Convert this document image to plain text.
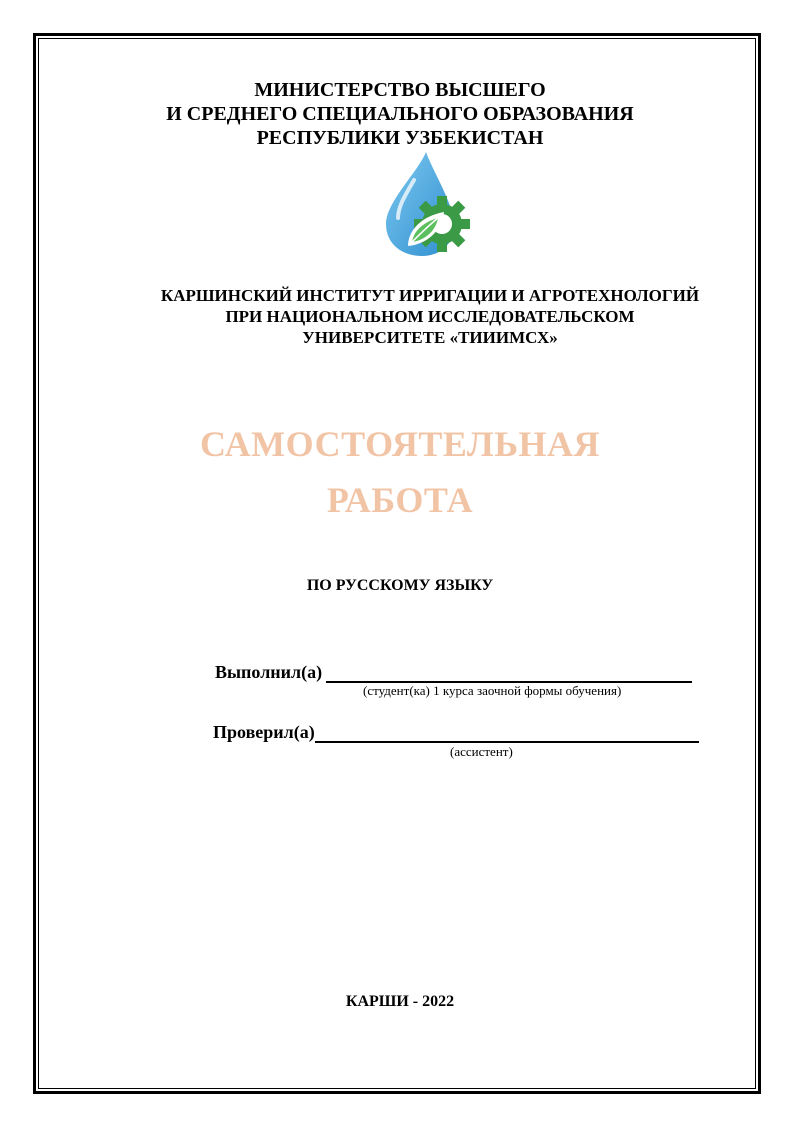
МИНИСТЕРСТВО ВЫСШЕГО
И СРЕДНЕГО СПЕЦИАЛЬНОГО ОБРАЗОВАНИЯ
РЕСПУБЛИКИ УЗБЕКИСТАН
КАРШИНСКИЙ ИНСТИТУТ ИРРИГАЦИИ И АГРОТЕХНОЛОГИЙ
ПРИ НАЦИОНАЛЬНОМ ИССЛЕДОВАТЕЛЬСКОМ
УНИВЕРСИТЕТЕ «ТИИИМСХ»
САМОСТОЯТЕЛЬНАЯ
РАБОТА
ПО РУССКОМУ ЯЗЫКУ
Выполнил(а)
(студент(ка) 1 курса заочной формы обучения)
Проверил(а)
(ассистент)
КАРШИ - 2022
